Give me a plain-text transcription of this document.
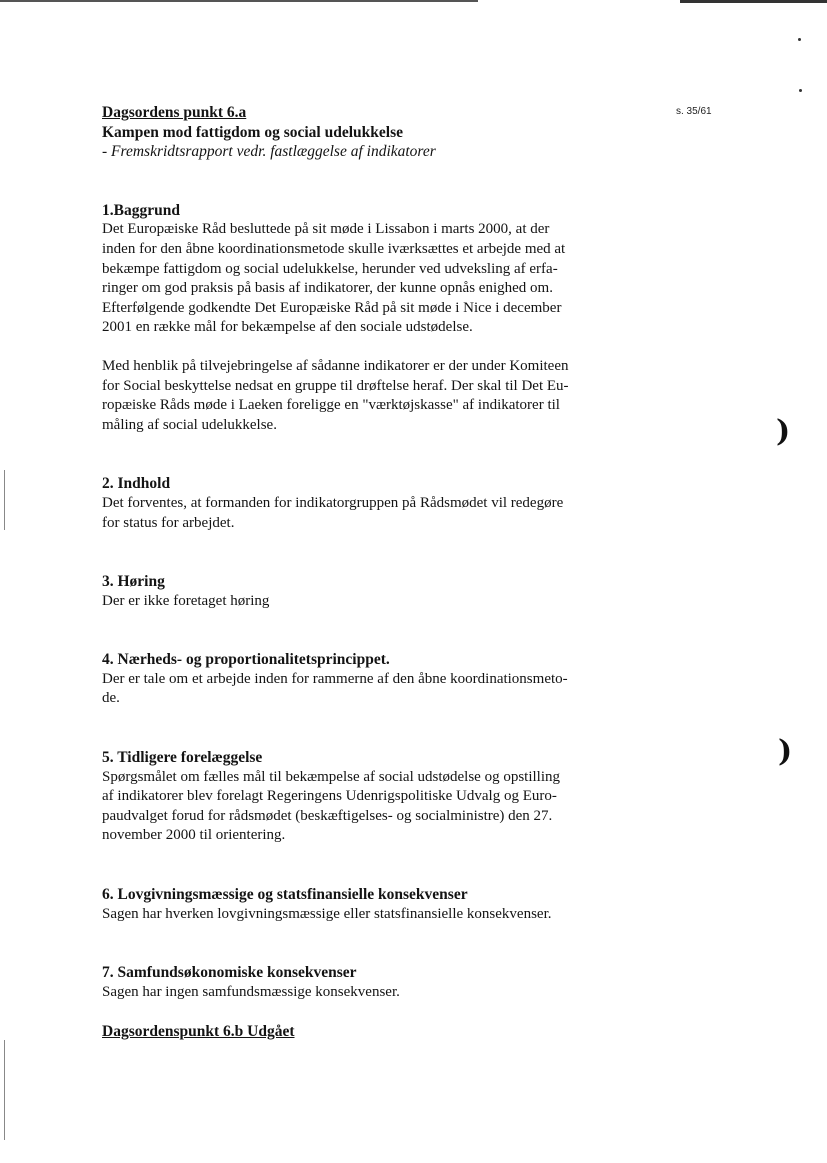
s. 35/61
)
)
Dagsordens punkt 6.a
Kampen mod fattigdom og social udelukkelse
- Fremskridtsrapport vedr. fastlæggelse af indikatorer
1.Baggrund
Det Europæiske Råd besluttede på sit møde i Lissabon i marts 2000, at der
inden for den åbne koordinationsmetode skulle iværksættes et arbejde med at
bekæmpe fattigdom og social udelukkelse, herunder ved udveksling af erfa-
ringer om god praksis på basis af indikatorer, der kunne opnås enighed om.
Efterfølgende godkendte Det Europæiske Råd på sit møde i Nice i december
2001 en række mål for bekæmpelse af den sociale udstødelse.
Med henblik på tilvejebringelse af sådanne indikatorer er der under Komiteen
for Social beskyttelse nedsat en gruppe til drøftelse heraf. Der skal til Det Eu-
ropæiske Råds møde i Laeken foreligge en "værktøjskasse" af indikatorer til
måling af social udelukkelse.
2. Indhold
Det forventes, at formanden for indikatorgruppen på Rådsmødet vil redegøre
for status for arbejdet.
3. Høring
Der er ikke foretaget høring
4. Nærheds- og proportionalitetsprincippet.
Der er tale om et arbejde inden for rammerne af den åbne koordinationsmeto-
de.
5. Tidligere forelæggelse
Spørgsmålet om fælles mål til bekæmpelse af social udstødelse og opstilling
af indikatorer blev forelagt Regeringens Udenrigspolitiske Udvalg og Euro-
paudvalget forud for rådsmødet (beskæftigelses- og socialministre) den 27.
november 2000 til orientering.
6. Lovgivningsmæssige og statsfinansielle konsekvenser
Sagen har hverken lovgivningsmæssige eller statsfinansielle konsekvenser.
7. Samfundsøkonomiske konsekvenser
Sagen har ingen samfundsmæssige konsekvenser.
Dagsordenspunkt 6.b Udgået
